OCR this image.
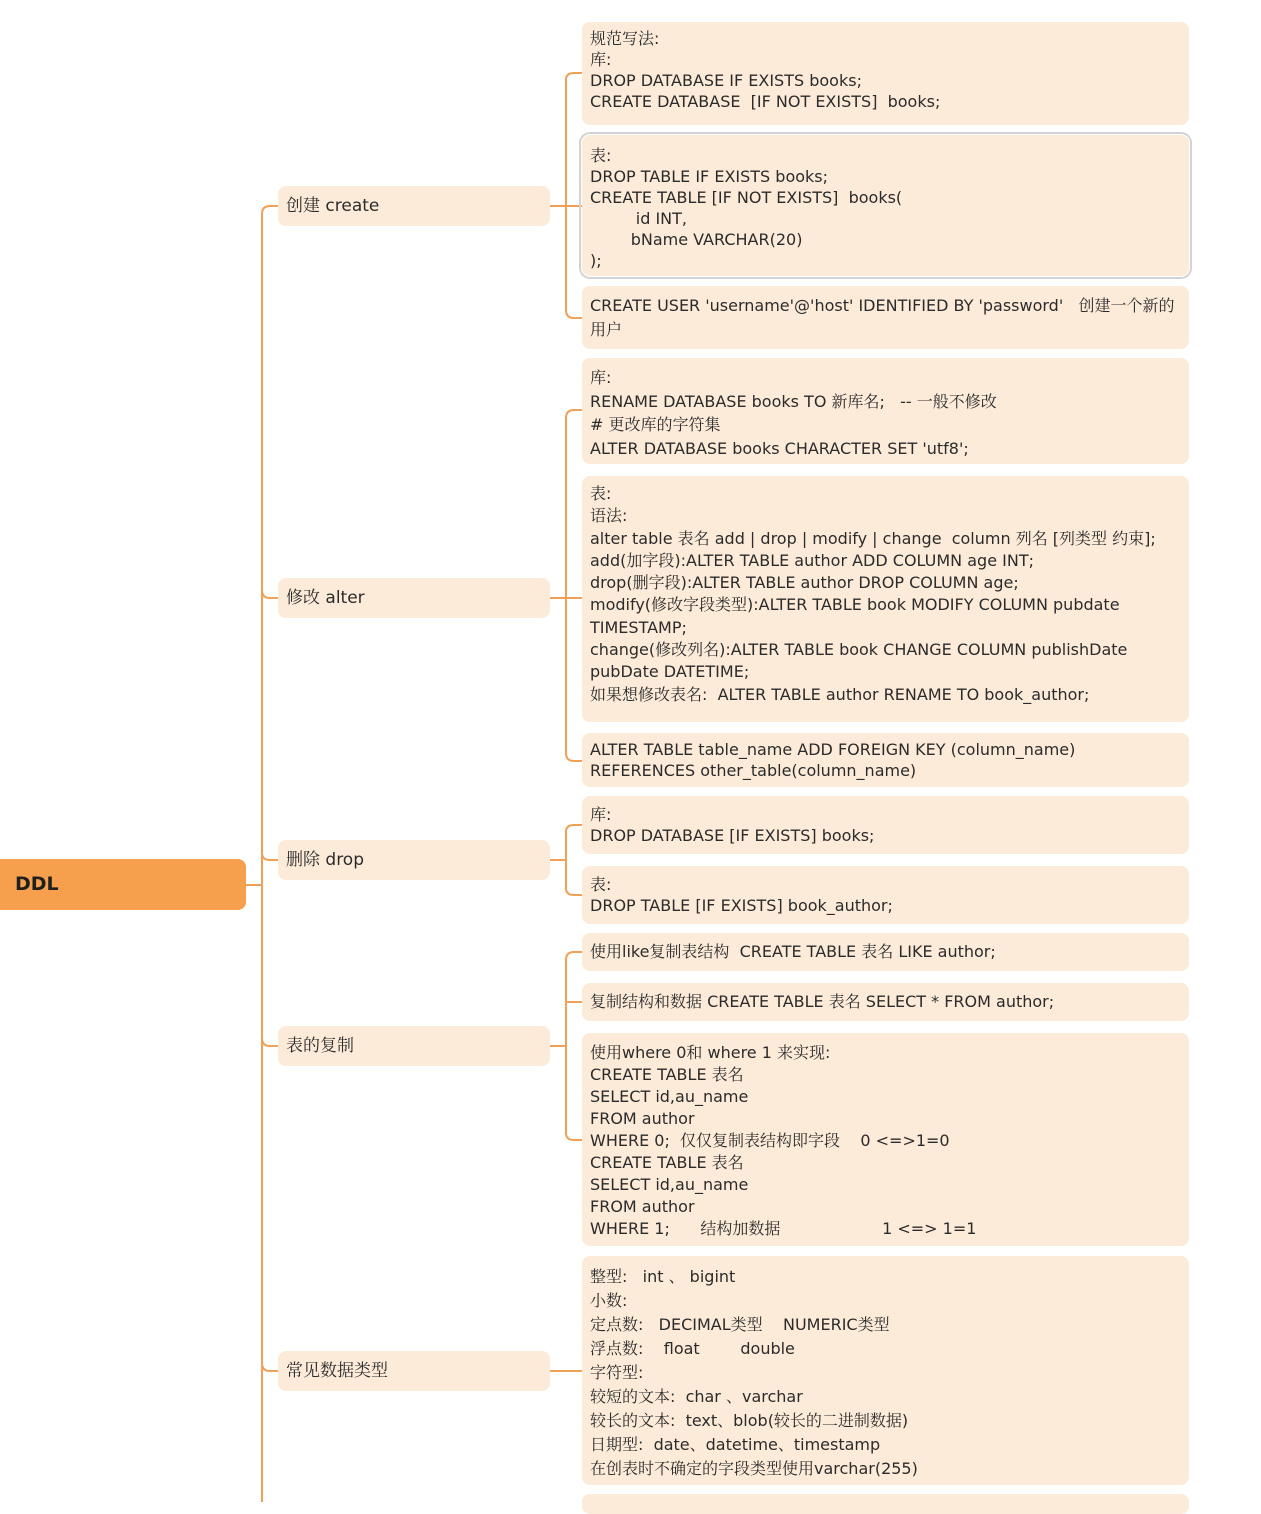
DDL
创建 create
修改 alter
删除 drop
表的复制
常见数据类型
规范写法:
库:
DROP DATABASE IF EXISTS books;
CREATE DATABASE  [IF NOT EXISTS]  books;
表:
DROP TABLE IF EXISTS books;
CREATE TABLE [IF NOT EXISTS]  books(
id INT,
bName VARCHAR(20)
);
CREATE USER 'username'@'host' IDENTIFIED BY 'password'   创建一个新的用户
库:
RENAME DATABASE books TO 新库名;   -- 一般不修改
# 更改库的字符集
ALTER DATABASE books CHARACTER SET 'utf8';
表:
语法:
alter table 表名 add | drop | modify | change  column 列名 [列类型 约束];
add(加字段):ALTER TABLE author ADD COLUMN age INT;
drop(删字段):ALTER TABLE author DROP COLUMN age;
modify(修改字段类型):ALTER TABLE book MODIFY COLUMN pubdate TIMESTAMP;
change(修改列名):ALTER TABLE book CHANGE COLUMN publishDate pubDate DATETIME;
如果想修改表名:  ALTER TABLE author RENAME TO book_author;
ALTER TABLE table_name ADD FOREIGN KEY (column_name) REFERENCES other_table(column_name)
库:
DROP DATABASE [IF EXISTS] books;
表:
DROP TABLE [IF EXISTS] book_author;
使用like复制表结构  CREATE TABLE 表名 LIKE author;
复制结构和数据 CREATE TABLE 表名 SELECT * FROM author;
使用where 0和 where 1 来实现:
CREATE TABLE 表名
SELECT id,au_name
FROM author
WHERE 0;  仅仅复制表结构即字段    0 <=>1=0
CREATE TABLE 表名
SELECT id,au_name
FROM author
WHERE 1;      结构加数据                    1 <=> 1=1
整型:   int 、 bigint
小数:
定点数:   DECIMAL类型    NUMERIC类型
浮点数:    float        double
字符型:
较短的文本:  char 、varchar
较长的文本:  text、blob(较长的二进制数据)
日期型:  date、datetime、timestamp
在创表时不确定的字段类型使用varchar(255)
